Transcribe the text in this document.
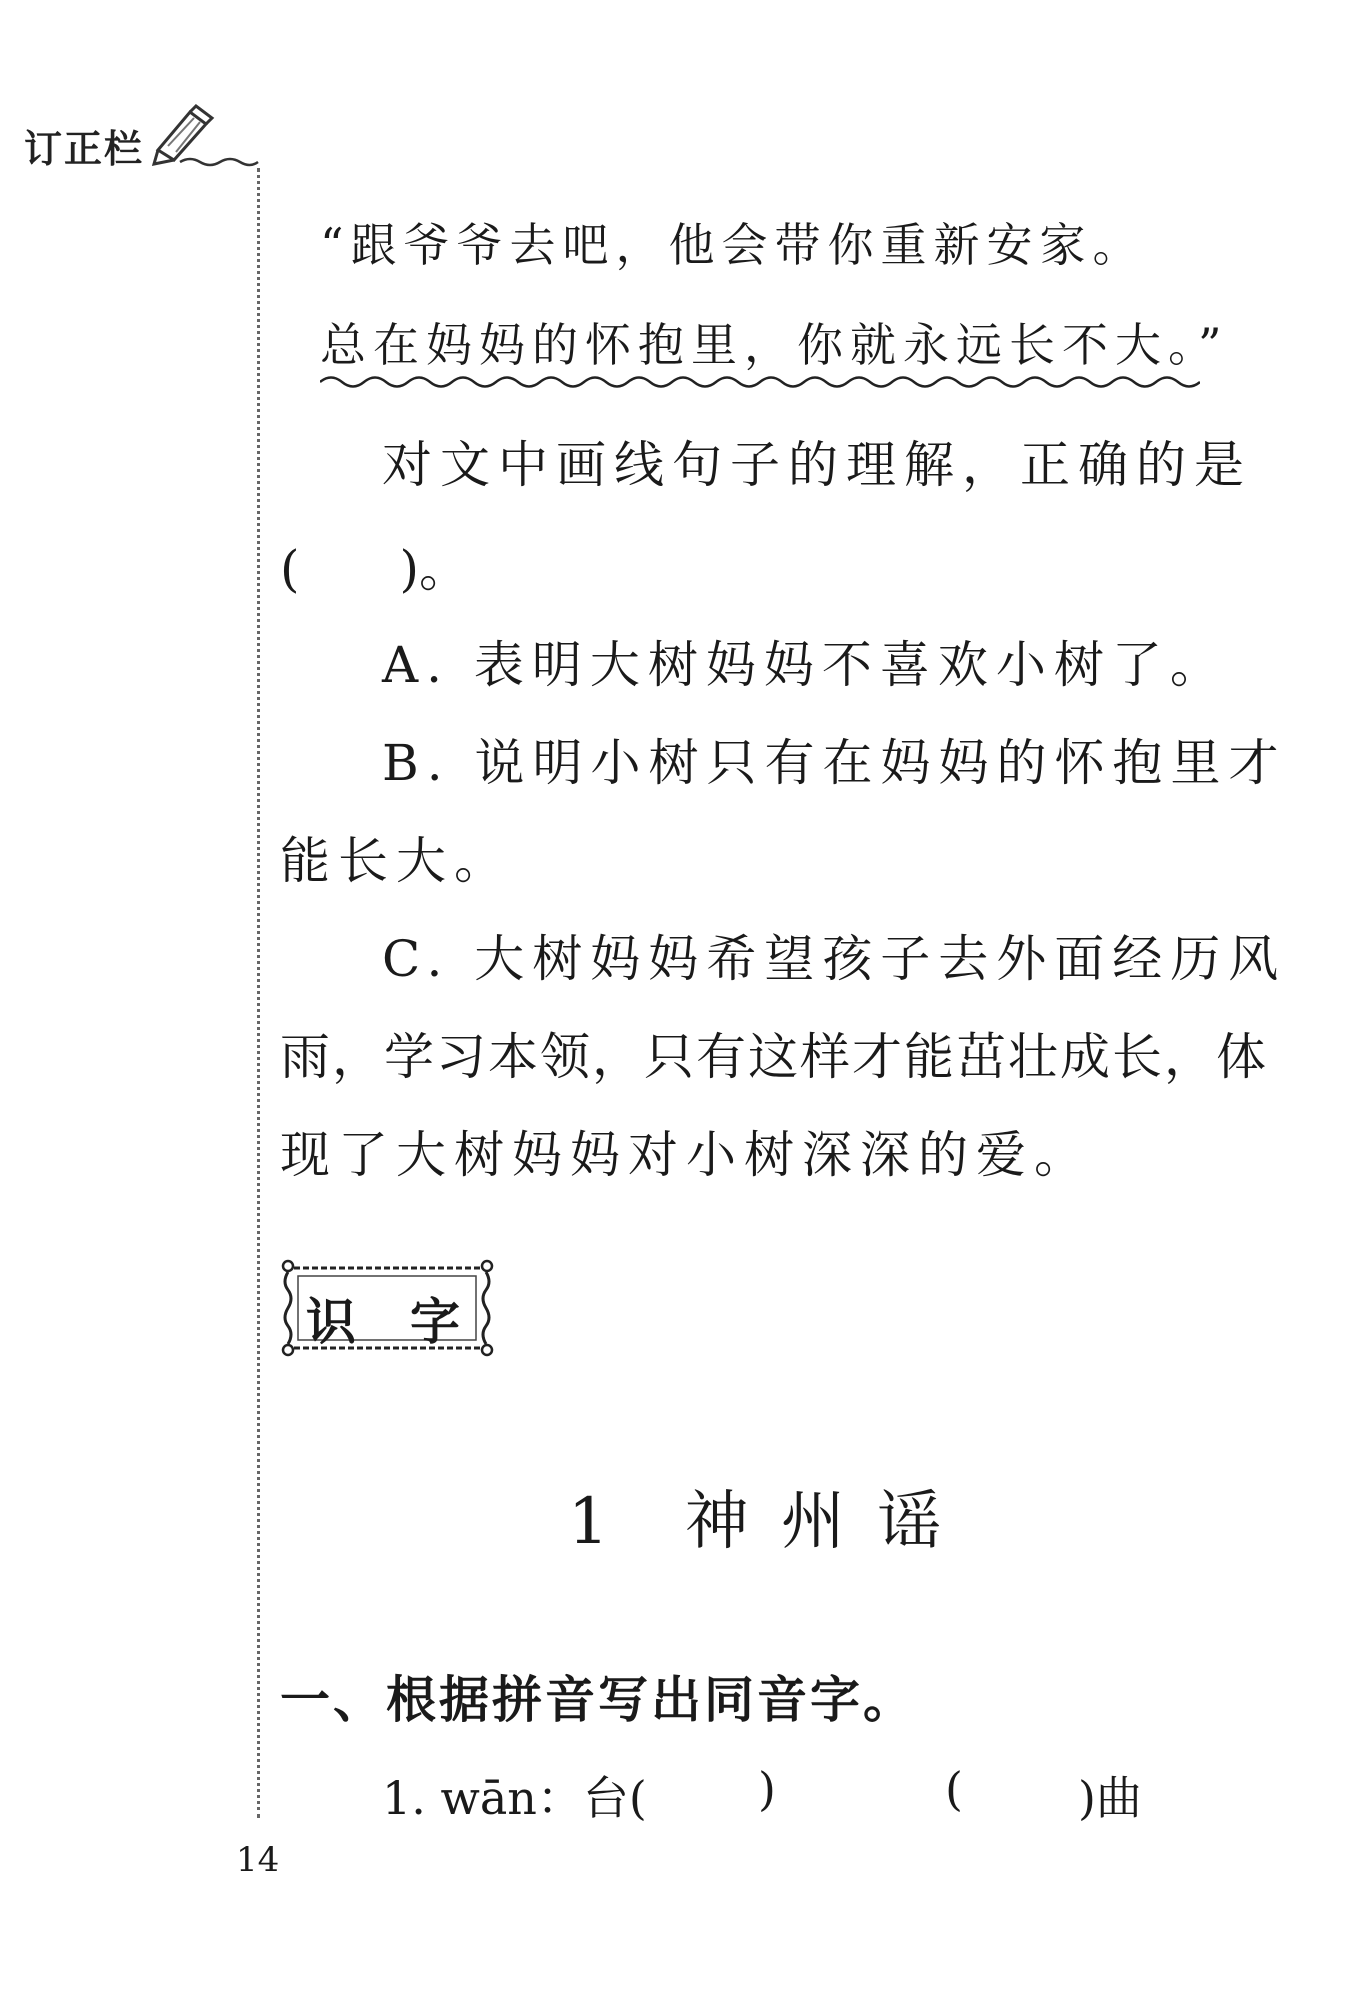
订正栏
“跟爷爷去吧，他会带你重新安家。
总在妈妈的怀抱里，你就永远长不大。”
对文中画线句子的理解，正确的是
(　　)。
A. 表明大树妈妈不喜欢小树了。
B. 说明小树只有在妈妈的怀抱里才
能长大。
C. 大树妈妈希望孩子去外面经历风
雨，学习本领，只有这样才能茁壮成长，体
现了大树妈妈对小树深深的爱。
识字
1　神 州 谣
一、根据拼音写出同音字。
1. wān：台( )	(	)曲
14
